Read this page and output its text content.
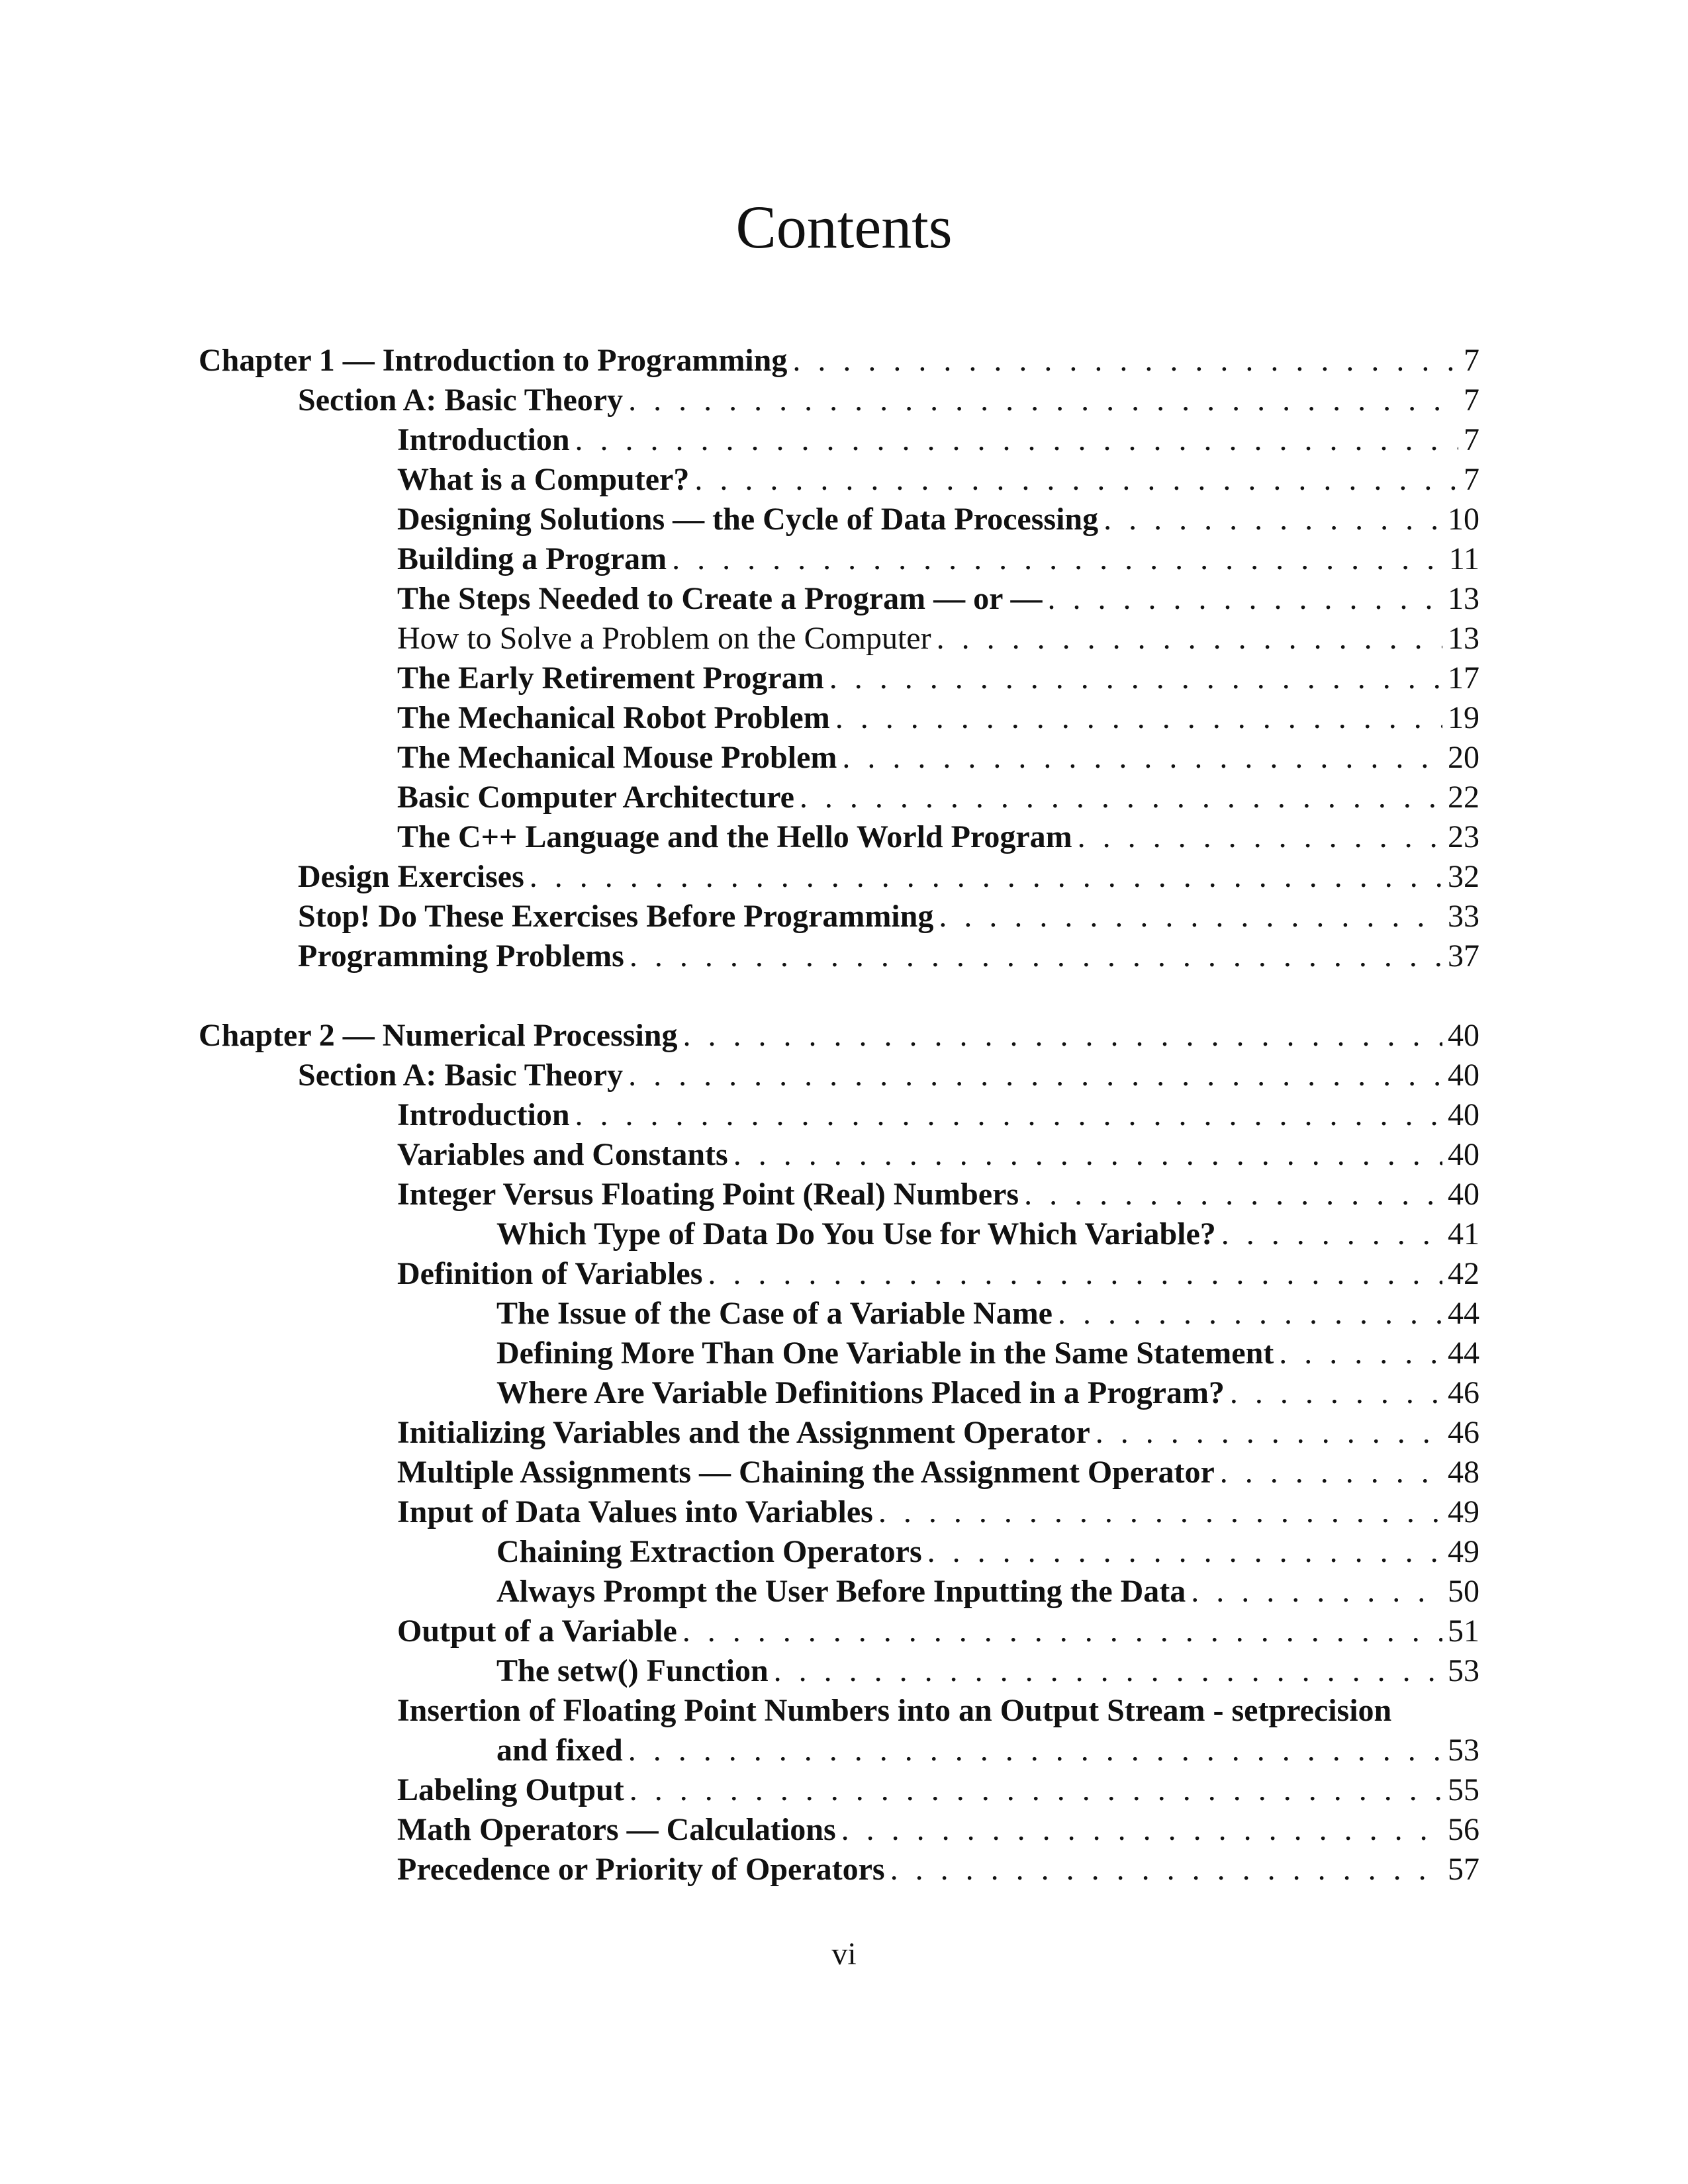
Contents
Chapter 1 — Introduction to Programming . . .	7
Section A: Basic Theory . . .	7
Introduction . . .	7
What is a Computer? . . .	7
Designing Solutions — the Cycle of Data Processing . . .	10
Building a Program . . .	11
The Steps Needed to Create a Program — or — . . .	13
How to Solve a Problem on the Computer . . .	13
The Early Retirement Program . . .	17
The Mechanical Robot Problem . . .	19
The Mechanical Mouse Problem . . .	20
Basic Computer Architecture . . .	22
The C++ Language and the Hello World Program . . .	23
Design Exercises . . .	32
Stop! Do These Exercises Before Programming . . .	33
Programming Problems . . .	37
Chapter 2 — Numerical Processing . . .	40
Section A: Basic Theory . . .	40
Introduction . . .	40
Variables and Constants . . .	40
Integer Versus Floating Point (Real) Numbers . . .	40
Which Type of Data Do You Use for Which Variable? . . .	41
Definition of Variables . . .	42
The Issue of the Case of a Variable Name . . .	44
Defining More Than One Variable in the Same Statement . . .	44
Where Are Variable Definitions Placed in a Program? . . .	46
Initializing Variables and the Assignment Operator . . .	46
Multiple Assignments — Chaining the Assignment Operator . . .	48
Input of Data Values into Variables . . .	49
Chaining Extraction Operators . . .	49
Always Prompt the User Before Inputting the Data . . .	50
Output of a Variable . . .	51
The setw() Function . . .	53
Insertion of Floating Point Numbers into an Output Stream - setprecision
and fixed . . .	53
Labeling Output . . .	55
Math Operators — Calculations . . .	56
Precedence or Priority of Operators . . .	57
vi
